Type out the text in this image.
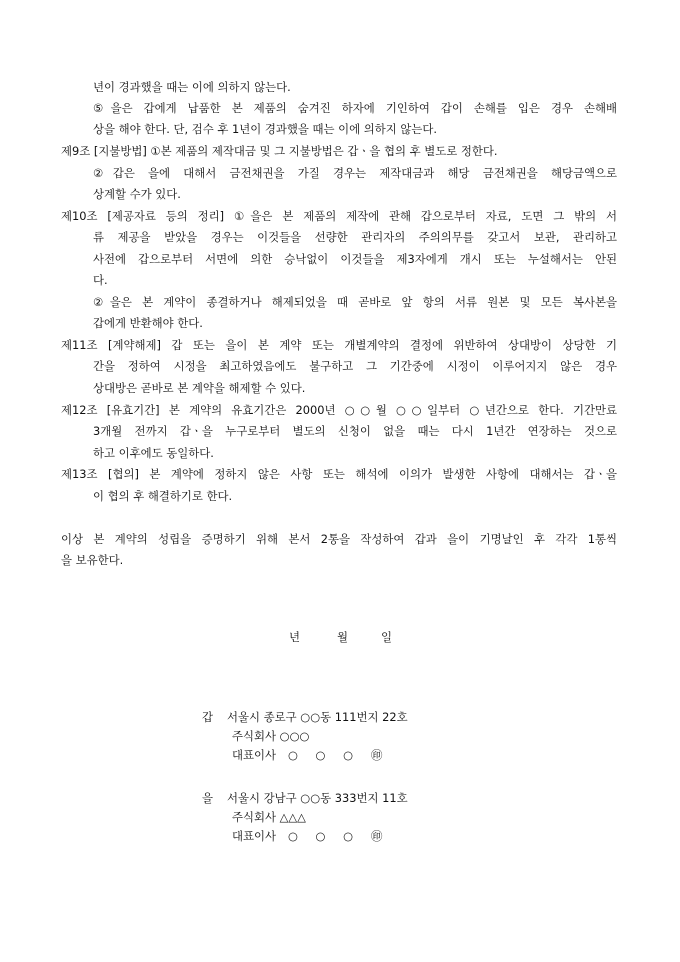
년이 경과했을 때는 이에 의하지 않는다.
⑤을은 갑에게 납품한 본 제품의 숨겨진 하자에 기인하여 갑이 손해를 입은 경우 손해배
상을 해야 한다. 단, 검수 후 1년이 경과했을 때는 이에 의하지 않는다.
제9조 [지불방법] ①본 제품의 제작대금 및 그 지불방법은 갑ㆍ을 협의 후 별도로 정한다.
②갑은 을에 대해서 금전채권을 가질 경우는 제작대금과 해당 금전채권을 해당금액으로
상계할 수가 있다.
제10조 [제공자료 등의 정리] ①을은 본 제품의 제작에 관해 갑으로부터 자료, 도면 그 밖의 서
류 제공을 받았을 경우는 이것들을 선량한 관리자의 주의의무를 갖고서 보관, 관리하고
사전에 갑으로부터 서면에 의한 승낙없이 이것들을 제3자에게 개시 또는 누설해서는 안된
다.
②을은 본 계약이 종결하거나 해제되었을 때 곧바로 앞 항의 서류 원본 및 모든 복사본을
갑에게 반환해야 한다.
제11조 [계약해제] 갑 또는 을이 본 계약 또는 개별계약의 결정에 위반하여 상대방이 상당한 기
간을 정하여 시정을 최고하였음에도 불구하고 그 기간중에 시정이 이루어지지 않은 경우
상대방은 곧바로 본 계약을 해제할 수 있다.
제12조 [유효기간] 본 계약의 유효기간은 2000년 ○○월 ○○일부터 ○년간으로 한다. 기간만료
3개월 전까지 갑ㆍ을 누구로부터 별도의 신청이 없을 때는 다시 1년간 연장하는 것으로
하고 이후에도 동일하다.
제13조 [협의] 본 계약에 정하지 않은 사항 또는 해석에 이의가 발생한 사항에 대해서는 갑ㆍ을
이 협의 후 해결하기로 한다.
이상 본 계약의 성립을 증명하기 위해 본서 2통을 작성하여 갑과 을이 기명날인 후 각각 1통씩
을 보유한다.
년	월	일
갑 서울시 종로구 ○○동 111번지 22호
주식회사 ○○○
대표이사 ○ ○ ○ ㊞
을 서울시 강남구 ○○동 333번지 11호
주식회사 △△△
대표이사 ○ ○ ○ ㊞
